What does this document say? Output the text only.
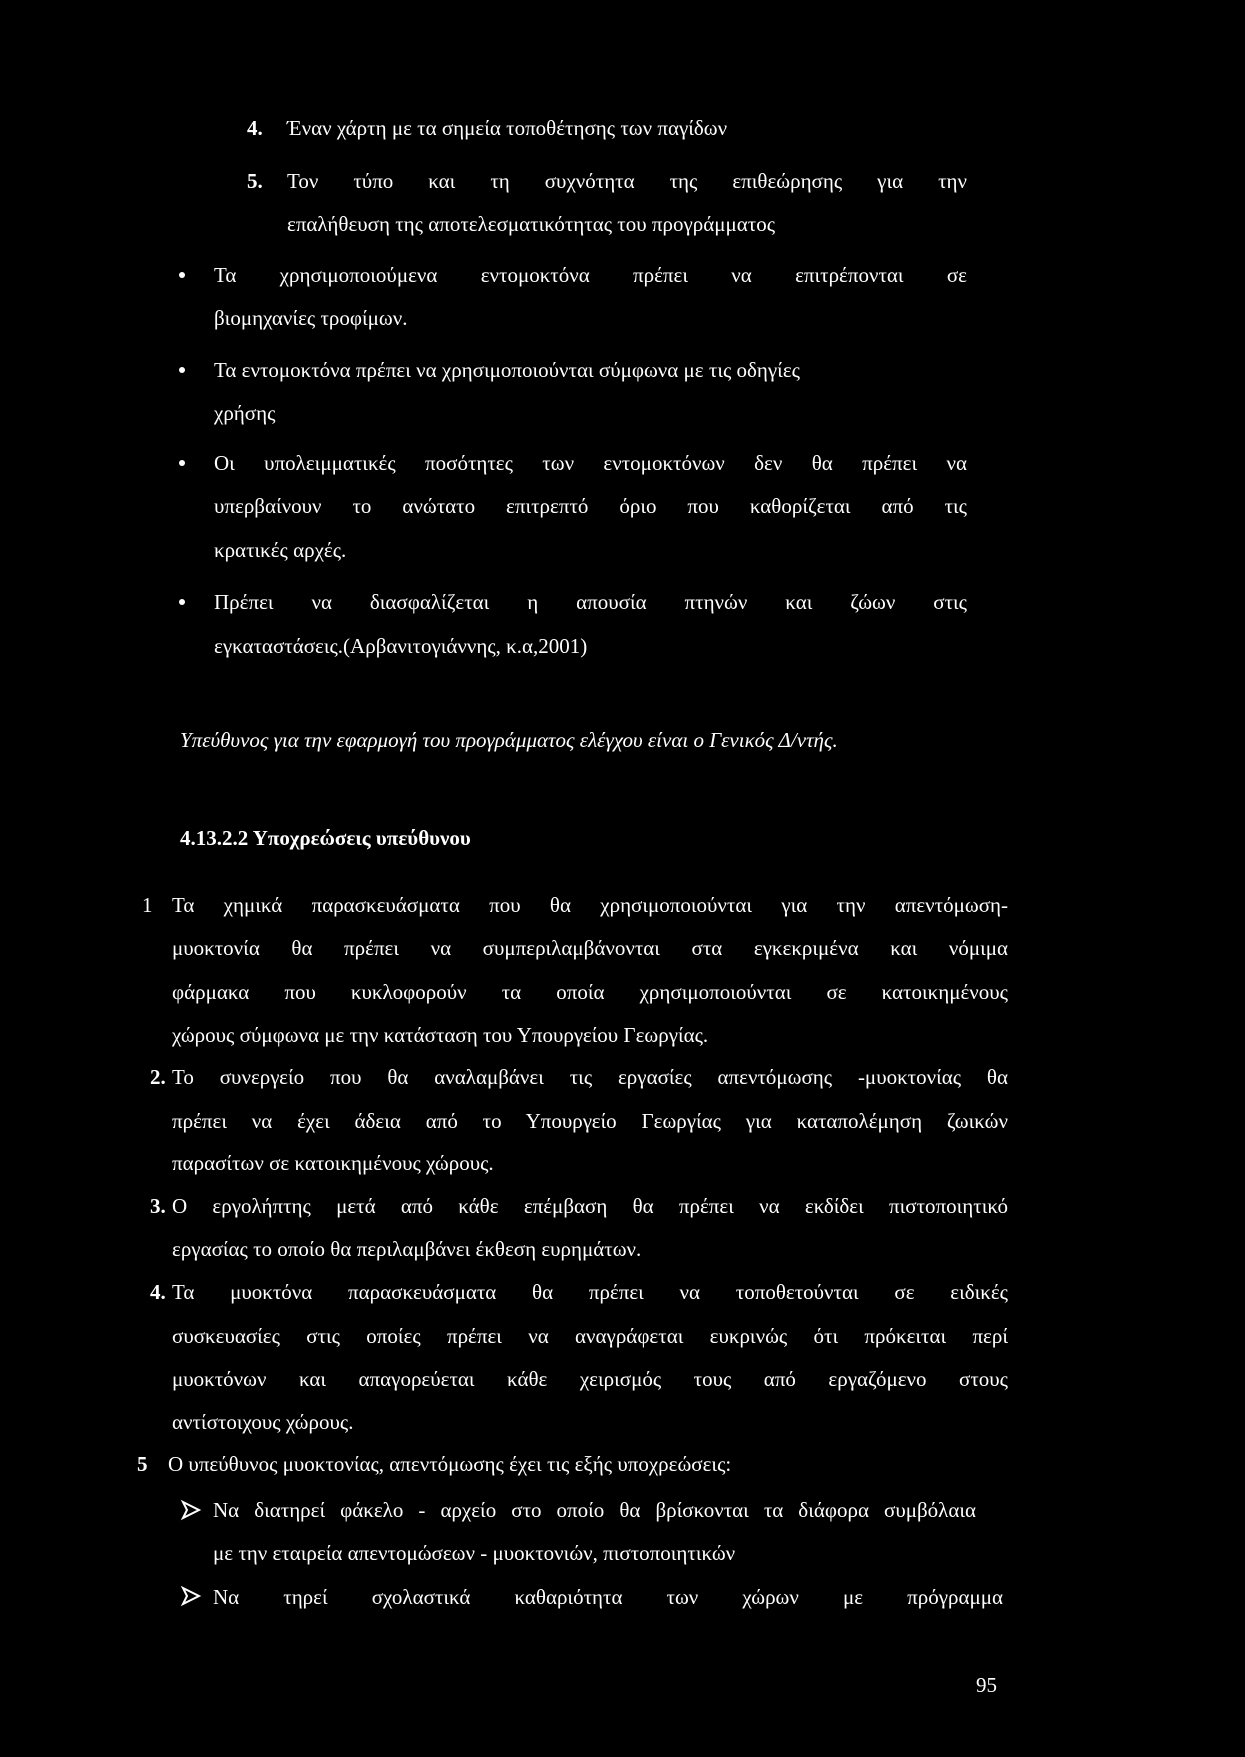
4. Έναν χάρτη με τα σημεία τοποθέτησης των παγίδων
5. Τον τύπο και τη συχνότητα της επιθεώρησης για την
επαλήθευση της αποτελεσματικότητας του προγράμματος
Τα χρησιμοποιούμενα εντομοκτόνα πρέπει να επιτρέπονται σε
βιομηχανίες τροφίμων.
Τα εντομοκτόνα πρέπει να χρησιμοποιούνται σύμφωνα με τις οδηγίες
χρήσης
Οι υπολειμματικές ποσότητες των εντομοκτόνων δεν θα πρέπει να
υπερβαίνουν το ανώτατο επιτρεπτό όριο που καθορίζεται από τις
κρατικές αρχές.
Πρέπει να διασφαλίζεται η απουσία πτηνών και ζώων στις
εγκαταστάσεις.(Αρβανιτογιάννης, κ.α,2001)
Υπεύθυνος για την εφαρμογή του προγράμματος ελέγχου είναι ο Γενικός Δ/ντής.
4.13.2.2 Υποχρεώσεις υπεύθυνου
1 Τα χημικά παρασκευάσματα που θα χρησιμοποιούνται για την απεντόμωση-
μυοκτονία θα πρέπει να συμπεριλαμβάνονται στα εγκεκριμένα και νόμιμα
φάρμακα που κυκλοφορούν τα οποία χρησιμοποιούνται σε κατοικημένους
χώρους σύμφωνα με την κατάσταση του Υπουργείου Γεωργίας.
2. Το συνεργείο που θα αναλαμβάνει τις εργασίες απεντόμωσης -μυοκτονίας θα
πρέπει να έχει άδεια από το Υπουργείο Γεωργίας για καταπολέμηση ζωικών
παρασίτων σε κατοικημένους χώρους.
3. Ο εργολήπτης μετά από κάθε επέμβαση θα πρέπει να εκδίδει πιστοποιητικό
εργασίας το οποίο θα περιλαμβάνει έκθεση ευρημάτων.
4. Τα μυοκτόνα παρασκευάσματα θα πρέπει να τοποθετούνται σε ειδικές
συσκευασίες στις οποίες πρέπει να αναγράφεται ευκρινώς ότι πρόκειται περί
μυοκτόνων και απαγορεύεται κάθε χειρισμός τους από εργαζόμενο στους
αντίστοιχους χώρους.
5 Ο υπεύθυνος μυοκτονίας, απεντόμωσης έχει τις εξής υποχρεώσεις:
Να διατηρεί φάκελο - αρχείο στο οποίο θα βρίσκονται τα διάφορα συμβόλαια
με την εταιρεία απεντομώσεων - μυοκτονιών, πιστοποιητικών
Να τηρεί σχολαστικά καθαριότητα των χώρων με πρόγραμμα
95
